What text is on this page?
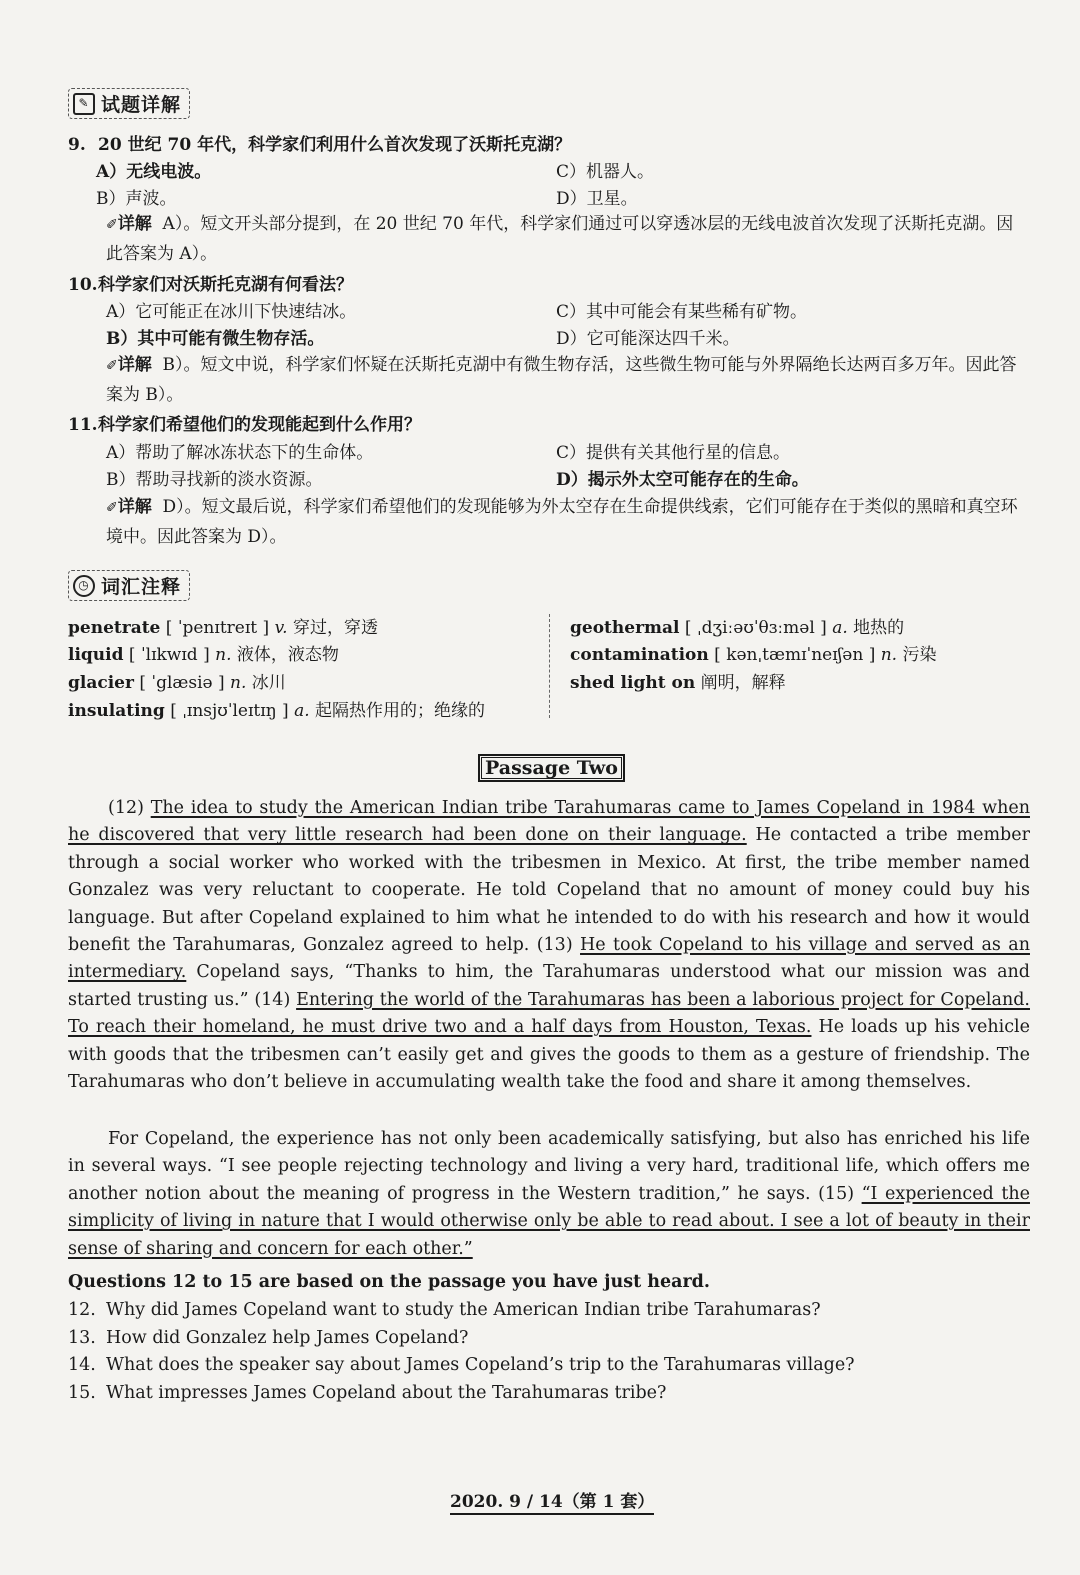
✎ 试题详解
9. 20 世纪 70 年代，科学家们利用什么首次发现了沃斯托克湖？
A）无线电波。
B）声波。
C）机器人。
D）卫星。
✐详解 A）。短文开头部分提到，在 20 世纪 70 年代，科学家们通过可以穿透冰层的无线电波首次发现了沃斯托克湖。因此答案为 A）。
10.科学家们对沃斯托克湖有何看法？
A）它可能正在冰川下快速结冰。
B）其中可能有微生物存活。
C）其中可能会有某些稀有矿物。
D）它可能深达四千米。
✐详解 B）。短文中说，科学家们怀疑在沃斯托克湖中有微生物存活，这些微生物可能与外界隔绝长达两百多万年。因此答案为 B）。
11.科学家们希望他们的发现能起到什么作用？
A）帮助了解冰冻状态下的生命体。
B）帮助寻找新的淡水资源。
C）提供有关其他行星的信息。
D）揭示外太空可能存在的生命。
✐详解 D）。短文最后说，科学家们希望他们的发现能够为外太空存在生命提供线索，它们可能存在于类似的黑暗和真空环境中。因此答案为 D）。
◷ 词汇注释
penetrate [ ˈpenɪtreɪt ] v. 穿过，穿透
liquid [ ˈlɪkwɪd ] n. 液体，液态物
glacier [ ˈglæsiə ] n. 冰川
insulating [ ˌɪnsjʊˈleɪtɪŋ ] a. 起隔热作用的；绝缘的
geothermal [ ˌdʒiːəʊˈθɜːməl ] a. 地热的
contamination [ kənˌtæmɪˈneɪʃən ] n. 污染
shed light on 阐明，解释
Passage Two
(12) The idea to study the American Indian tribe Tarahumaras came to James Copeland in 1984 when he discovered that very little research had been done on their language. He contacted a tribe member through a social worker who worked with the tribesmen in Mexico. At first, the tribe member named Gonzalez was very reluctant to cooperate. He told Copeland that no amount of money could buy his language. But after Copeland explained to him what he intended to do with his research and how it would benefit the Tarahumaras, Gonzalez agreed to help. (13) He took Copeland to his village and served as an intermediary. Copeland says, “Thanks to him, the Tarahumaras understood what our mission was and started trusting us.” (14) Entering the world of the Tarahumaras has been a laborious project for Copeland. To reach their homeland, he must drive two and a half days from Houston, Texas. He loads up his vehicle with goods that the tribesmen can’t easily get and gives the goods to them as a gesture of friendship. The Tarahumaras who don’t believe in accumulating wealth take the food and share it among themselves.
For Copeland, the experience has not only been academically satisfying, but also has enriched his life in several ways. “I see people rejecting technology and living a very hard, traditional life, which offers me another notion about the meaning of progress in the Western tradition,” he says. (15) “I experienced the simplicity of living in nature that I would otherwise only be able to read about. I see a lot of beauty in their sense of sharing and concern for each other.”
Questions 12 to 15 are based on the passage you have just heard.
12. Why did James Copeland want to study the American Indian tribe Tarahumaras?
13. How did Gonzalez help James Copeland?
14. What does the speaker say about James Copeland’s trip to the Tarahumaras village?
15. What impresses James Copeland about the Tarahumaras tribe?
2020. 9 / 14（第 1 套）
